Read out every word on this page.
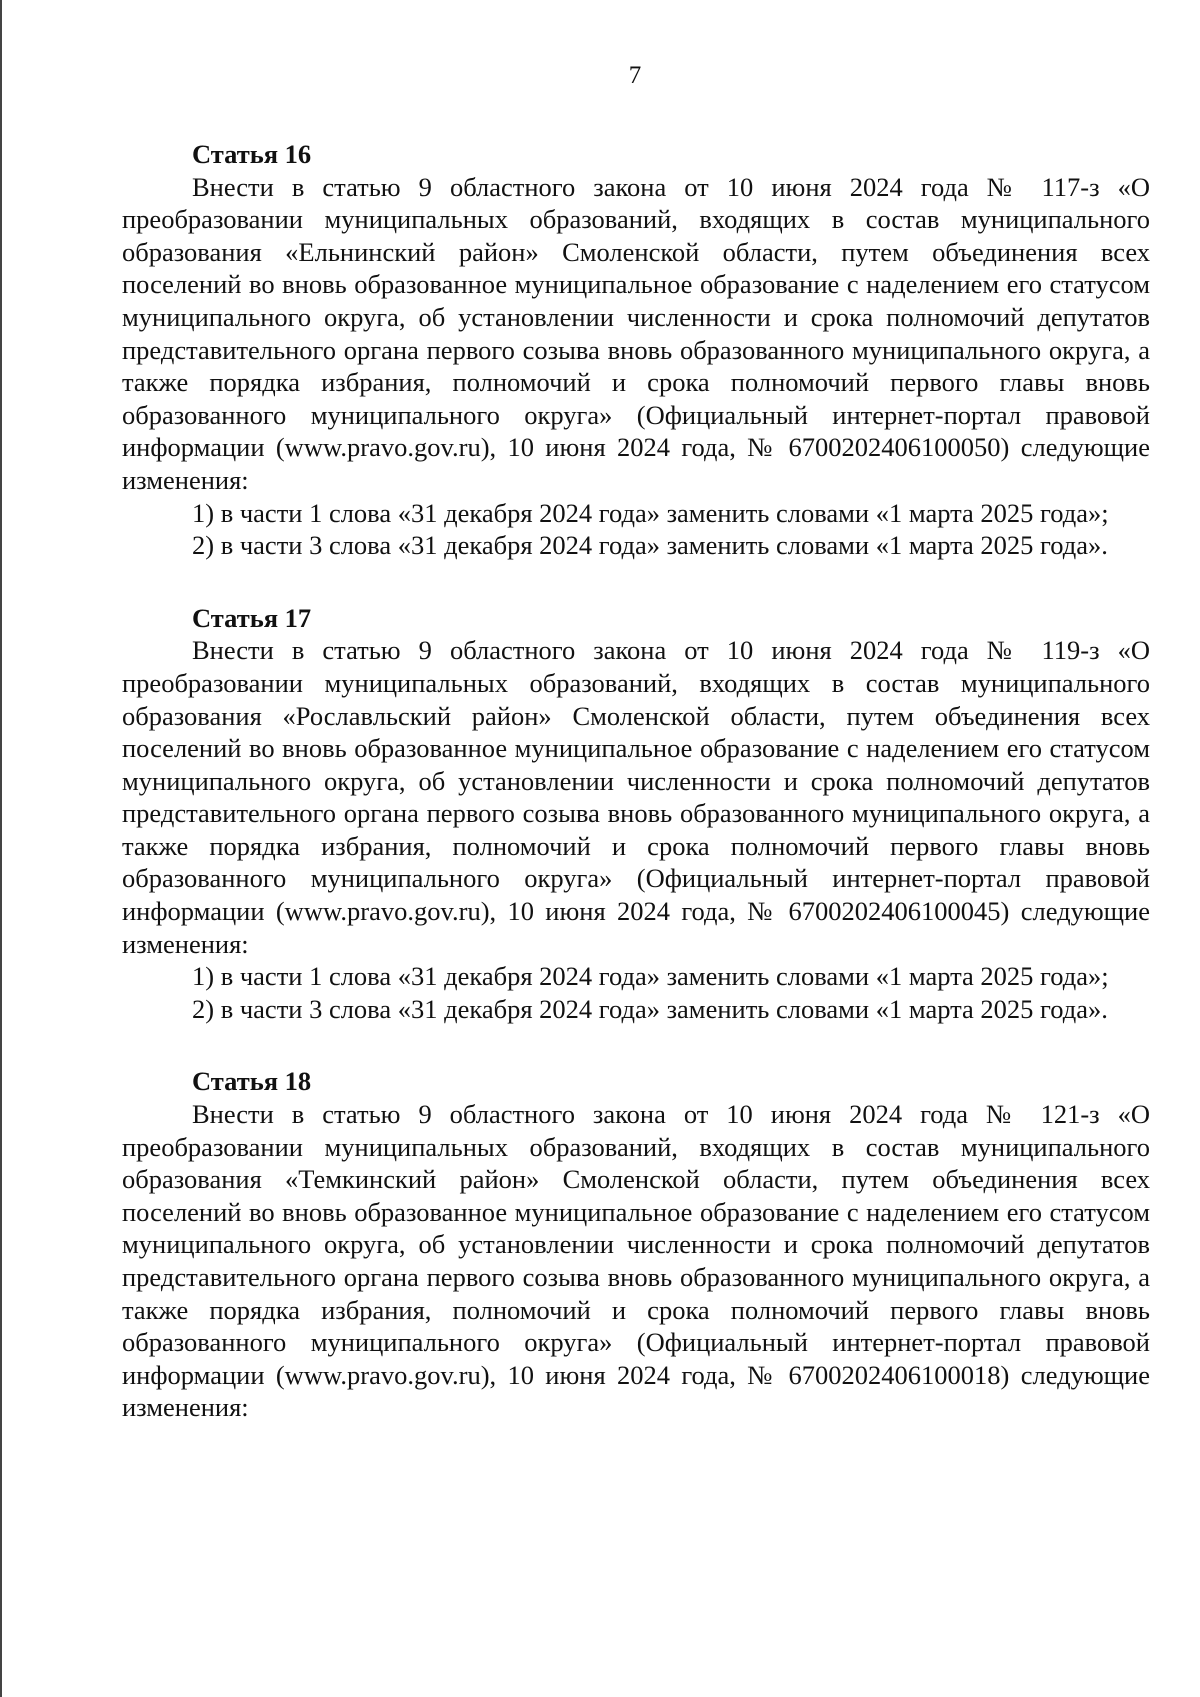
7
Статья 16

Внести в статью 9 областного закона от 10 июня 2024 года № 117-з «О преобразовании муниципальных образований, входящих в состав муниципального образования «Ельнинский район» Смоленской области, путем объединения всех поселений во вновь образованное муниципальное образование с наделением его статусом муниципального округа, об установлении численности и срока полномочий депутатов представительного органа первого созыва вновь образованного муниципального округа, а также порядка избрания, полномочий и срока полномочий первого главы вновь образованного муниципального округа» (Официальный интернет-портал правовой информации (www.pravo.gov.ru), 10 июня 2024 года, № 6700202406100050) следующие изменения:

1) в части 1 слова «31 декабря 2024 года» заменить словами «1 марта 2025 года»;

2) в части 3 слова «31 декабря 2024 года» заменить словами «1 марта 2025 года».

Статья 17

Внести в статью 9 областного закона от 10 июня 2024 года № 119-з «О преобразовании муниципальных образований, входящих в состав муниципального образования «Рославльский район» Смоленской области, путем объединения всех поселений во вновь образованное муниципальное образование с наделением его статусом муниципального округа, об установлении численности и срока полномочий депутатов представительного органа первого созыва вновь образованного муниципального округа, а также порядка избрания, полномочий и срока полномочий первого главы вновь образованного муниципального округа» (Официальный интернет-портал правовой информации (www.pravo.gov.ru), 10 июня 2024 года, № 6700202406100045) следующие изменения:

1) в части 1 слова «31 декабря 2024 года» заменить словами «1 марта 2025 года»;

2) в части 3 слова «31 декабря 2024 года» заменить словами «1 марта 2025 года».

Статья 18

Внести в статью 9 областного закона от 10 июня 2024 года № 121-з «О преобразовании муниципальных образований, входящих в состав муниципального образования «Темкинский район» Смоленской области, путем объединения всех поселений во вновь образованное муниципальное образование с наделением его статусом муниципального округа, об установлении численности и срока полномочий депутатов представительного органа первого созыва вновь образованного муниципального округа, а также порядка избрания, полномочий и срока полномочий первого главы вновь образованного муниципального округа» (Официальный интернет-портал правовой информации (www.pravo.gov.ru), 10 июня 2024 года, № 6700202406100018) следующие изменения:
